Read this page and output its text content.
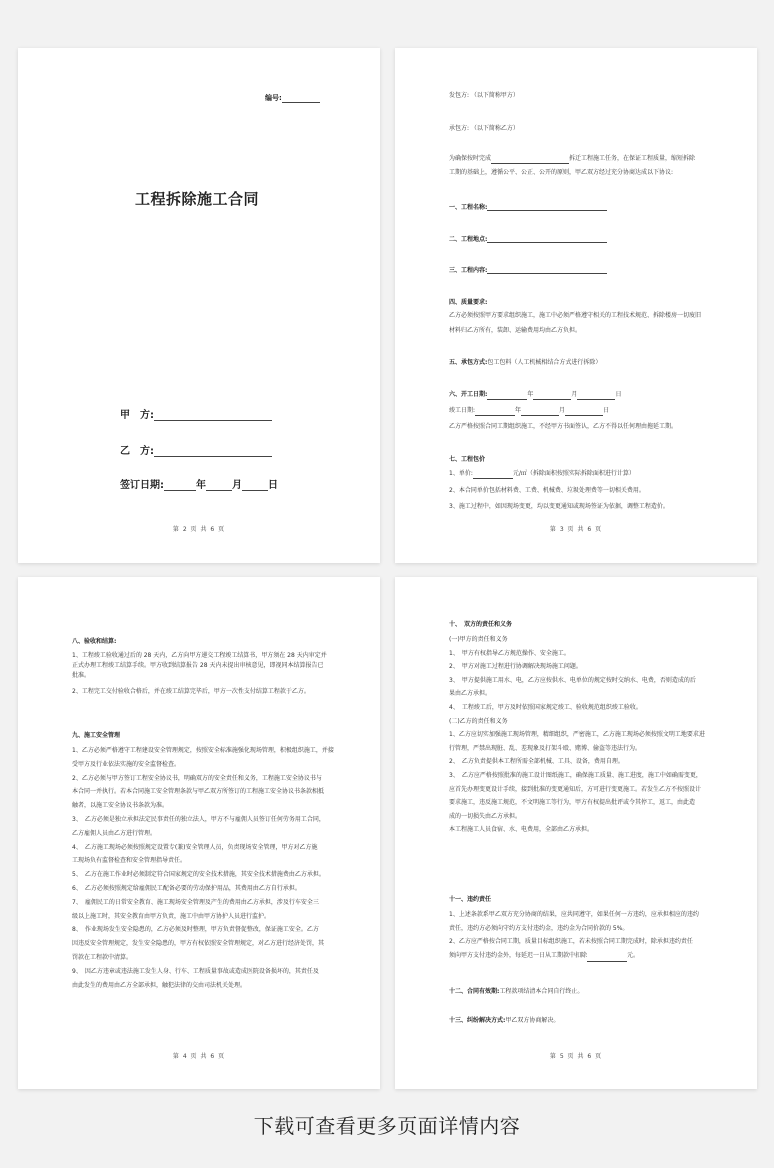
编号:
工程拆除施工合同
甲　方:
乙　方:
签订日期:	年	月	日
第 2 页 共 6 页
发包方: （以下简称甲方）
承包方: （以下简称乙方）
为确保按时完成	拆迁工程施工任务，在保证工程质量，缩短拆除
工期的基础上，遵循公平、公正、公开的原则，甲乙双方经过充分协商达成以下协议:
一、工程名称:
二、工程地点:
三、工程内容:
四、质量要求:
乙方必须按照甲方要求组织施工，施工中必须严格遵守相关的工程技术规范、拆除楼房一切废旧
材料归乙方所有，装卸、运输费用均由乙方负担。
五、承包方式:包工包料（人工机械相结合方式进行拆除）
六、开工日期:	年	月	日
竣工日期:	年	月	日
乙方严格按照合同工期组织施工，不经甲方书面签认，乙方不得以任何理由拖延工期。
七、工程包价
1、单价:	元/㎡（拆除面积按照实际拆除面积进行计算）
2、本合同单价包括材料费、工费、机械费、垃圾处理费等一切相关费用。
3、施工过程中，如因现场变更，均以变更通知或现场签证为依据，调整工程造价。
第 3 页 共 6 页
八、验收和结算:
1、工程竣工验收通过后的 28 天内，乙方向甲方递交工程竣工结算书，甲方须在 28 天内审定并
正式办理工程竣工结算手续。甲方收到结算报告 28 天内未提出审核意见，即视同本结算报告已
批准。
2、工程完工交付验收合格后，并在竣工结算完毕后，甲方一次性支付结算工程款于乙方。
九、施工安全管理
1、乙方必须严格遵守工程建设安全管理规定，按照安全标准施强化现场管理，积极组织施工，并接
受甲方及行业依法实施的安全监督检查。
2、乙方必须与甲方签订工程安全协议书，明确双方的安全责任和义务，工程施工安全协议书与
本合同一并执行。若本合同施工安全管理条款与甲乙双方所签订的工程施工安全协议书条款相抵
触者，以施工安全协议书条款为准。
3、　乙方必须是独立承担法定民事责任的独立法人，甲方不与雇佣人员签订任何劳务用工合同，
乙方雇佣人员由乙方进行管理。
4、　乙方施工现场必须按照规定设置专(兼)安全管理人员，负责现场安全管理，甲方对乙方施
工现场负有监督检查和安全管理指导责任。
5、　乙方在施工作业时必须制定符合国家规定的安全技术措施，其安全技术措施费由乙方承担。
6、　乙方必须按照规定给雇佣民工配备必要的劳动保护用品，其费用由乙方自行承担。
7、　雇佣民工的日常安全教育、施工现场安全管理及产生的费用由乙方承担，涉及行车安全三
级以上施工时，其安全教育由甲方负责，施工中由甲方协护人员进行监护。
8、　作业现场发生安全隐患的，乙方必须及时整理，甲方负责督促整改，保证施工安全。乙方
因违反安全管理规定，发生安全隐患的，甲方有权依照安全管理规定，对乙方进行经济处罚，其
罚款在工程款中清算。
9、　因乙方违章或违法施工发生人身、行车、工程质量事故或造成医院设备损坏的，其责任及
由此发生的费用由乙方全部承担，触犯法律的交由司法机关处理。
第 4 页 共 6 页
十、　双方的责任和义务
(一)甲方的责任和义务
1、　甲方有权指导乙方规范操作、安全施工。
2、　甲方对施工过程进行协调解决现场施工问题。
3、　甲方提供施工用水、电，乙方应按供水、电单位的规定按时交纳水、电费，否则造成的后
果由乙方承担。
4、　工程竣工后，甲方及时依照国家规定竣工、验收规范组织竣工验收。
(二)乙方的责任和义务
1、乙方应切实加强施工现场管理，精细组织，严密施工，乙方施工现场必须按照文明工地要求进
行管理，严禁出现脏、乱、差现象及打架斗殴、赌博、偷盗等违法行为。
2、　乙方负责提供本工程所需全部机械、工具、设备，费用自理。
3、　乙方应严格按照批准的施工设计图纸施工，确保施工质量、施工进度，施工中如确需变更，
应首先办理变更设计手续，接到批准的变更通知后，方可进行变更施工。若发生乙方不按照设计
要求施工，违反施工规范，不文明施工等行为，甲方有权提出批评或令其停工，返工，由此造
成的一切损失由乙方承担。
本工程施工人员食宿、水、电费用，全部由乙方承担。
十一、违约责任
1、上述条款系甲乙双方充分协商的结果，应共同遵守，如果任何一方违约，应承担相应的违约
责任，违约方必须向守约方支付违约金，违约金为合同价款的 5%。
2、乙方应严格按合同工期，质量目标组织施工，若未按照合同工期完成时，除承担违约责任
须向甲方支付违约金外，每延迟一日从工期款中扣除	元。
十二、合同有效期:工程款项结清本合同自行终止。
十三、纠纷解决方式:甲乙双方协商解决。
第 5 页 共 6 页
下载可查看更多页面详情内容
